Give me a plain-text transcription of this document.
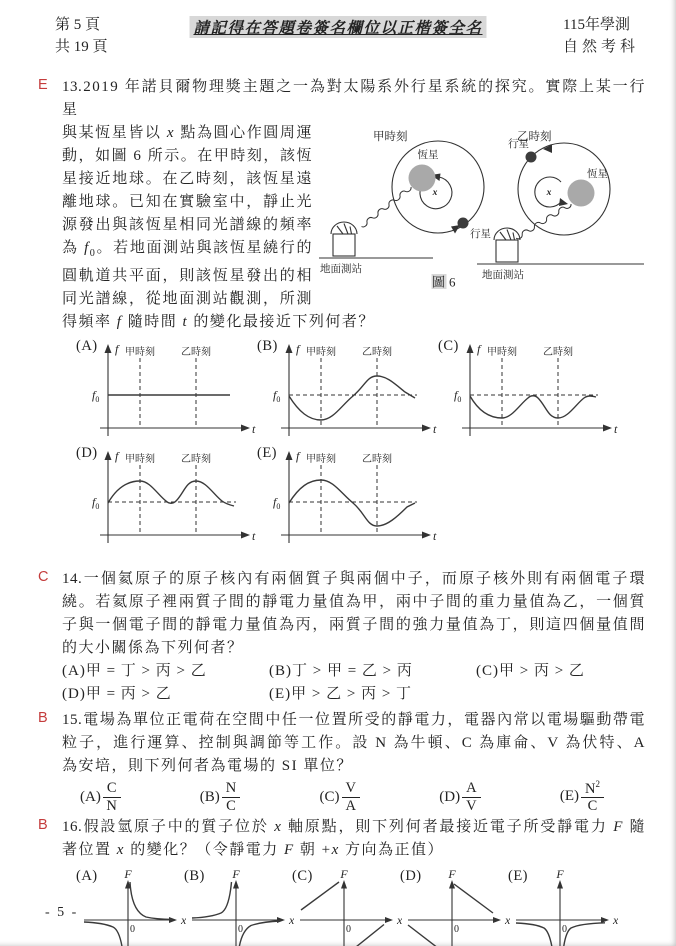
第 5 頁
共 19 頁
請記得在答題卷簽名欄位以正楷簽全名	115年學測
自然考科
E 13.2019 年諾貝爾物理獎主題之一為對太陽系外行星系統的探究。實際上某一行星

甲時刻
恆星
x
行星
地面測站
乙時刻
行星
恆星
x
地面測站
圖 6

與某恆星皆以 x 點為圓心作圓周運動，如圖 6 所示。在甲時刻，該恆星接近地球。在乙時刻，該恆星遠離地球。已知在實驗室中，靜止光源發出與該恆星相同光譜線的頻率為 $f_0$。若地面測站與該恆星繞行的圓軌道共平面，則該恆星發出的相同光譜線，從地面測站觀測，所測得頻率 f 隨時間 t 的變化最接近下列何者？

(A) f
t
f0
甲時刻	乙時刻	(B) f
t
f0
甲時刻	乙時刻	(C) f
t
f0
甲時刻	乙時刻
(D) f
t
f0
甲時刻	乙時刻	(E) f
t
f0
甲時刻	乙時刻
C 14.一個氦原子的原子核內有兩個質子與兩個中子，而原子核外則有兩個電子環繞。若氦原子裡兩質子間的靜電力量值為甲，兩中子間的重力量值為乙，一個質子與一個電子間的靜電力量值為丙，兩質子間的強力量值為丁，則這四個量值間的大小關係為下列何者？

(A)甲 = 丁 > 丙 > 乙	(B)丁 > 甲 = 乙 > 丙	(C)甲 > 丙 > 乙
(D)甲 = 丙 > 乙	(E)甲 > 乙 > 丙 > 丁
B 15.電場為單位正電荷在空間中任一位置所受的靜電力，電器內常以電場驅動帶電粒子，進行運算、控制與調節等工作。設 N 為牛頓、C 為庫侖、V 為伏特、A 為安培，則下列何者為電場的 SI 單位？

$(A) \frac{C}{N}$	$(B) \frac{N}{C}$	$(C) \frac{V}{A}$	$(D) \frac{A}{V}$	$(E) \frac{N^2}{C}$
B 16.假設氫原子中的質子位於 x 軸原點，則下列何者最接近電子所受靜電力 F 隨著位置 x 的變化？（令靜電力 F 朝 +x 方向為正值）

(A) F
x
0
(B) F
x
0
(C) F
x
0
(D) F
0
x
(E) F
x
0
- 5 -
